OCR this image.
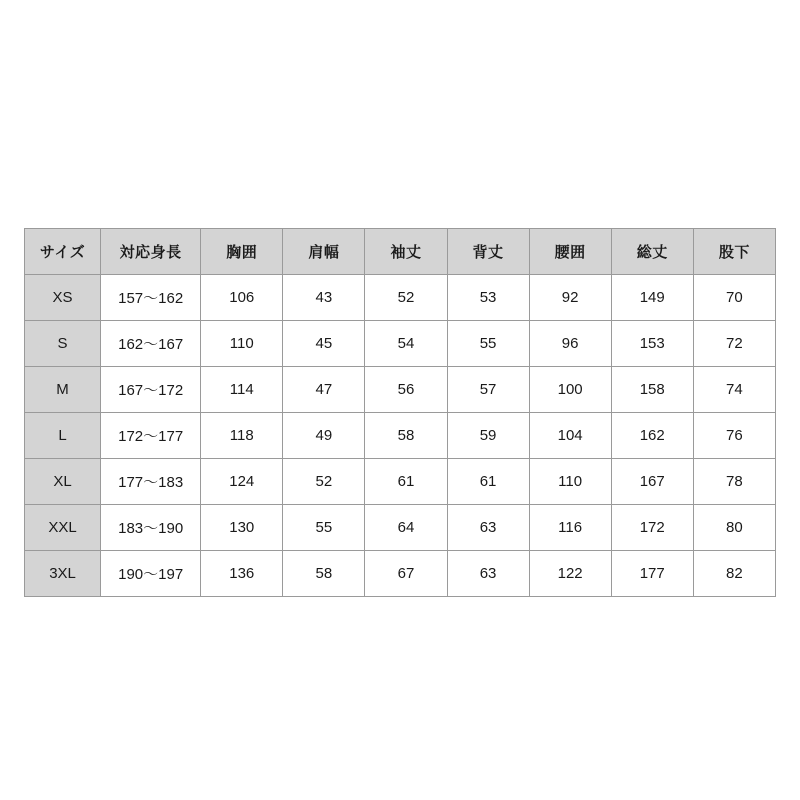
サイズ	対応身長	胸囲	肩幅	袖丈	背丈	腰囲	総丈	股下
XS	157〜162	106	43	52	53	92	149	70
S	162〜167	110	45	54	55	96	153	72
M	167〜172	114	47	56	57	100	158	74
L	172〜177	118	49	58	59	104	162	76
XL	177〜183	124	52	61	61	110	167	78
XXL	183〜190	130	55	64	63	116	172	80
3XL	190〜197	136	58	67	63	122	177	82
